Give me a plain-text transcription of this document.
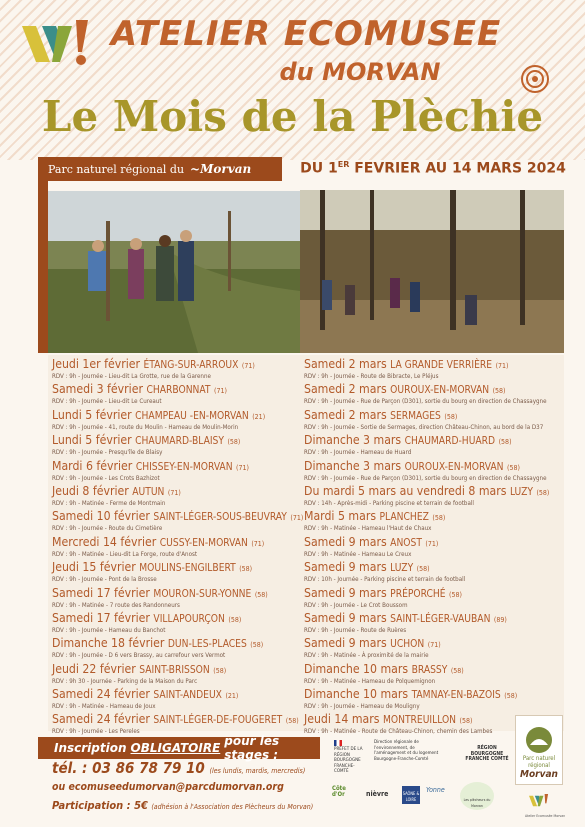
ATELIER ECOMUSEE
du MORVAN
Le Mois de la Plèchie
Parc naturel régional du ~Morvan	DU 1ER FEVRIER AU 14 MARS 2024
Jeudi 1er février ÉTANG-SUR-ARROUX (71)
RDV : 9h - Journée - Lieu-dit La Grotte, rue de la Garenne
Samedi 3 février CHARBONNAT (71)
RDV : 9h - Journée - Lieu-dit Le Cureaut
Lundi 5 février CHAMPEAU -EN-MORVAN (21)
RDV : 9h - Journée - 41, route du Moulin - Hameau de Moulin-Morin
Lundi 5 février CHAUMARD-BLAISY (58)
RDV : 9h - Journée - Presqu'île de Blaisy
Mardi 6 février CHISSEY-EN-MORVAN (71)
RDV : 9h - Journée - Les Crots Bazhizot
Jeudi 8 février AUTUN (71)
RDV : 9h - Matinée - Ferme de Montmain
Samedi 10 février SAINT-LÉGER-SOUS-BEUVRAY (71)
RDV : 9h - Journée - Route du Cimetière
Mercredi 14 février CUSSY-EN-MORVAN (71)
RDV : 9h - Matinée - Lieu-dit La Forge, route d'Anost
Jeudi 15 février MOULINS-ENGILBERT (58)
RDV : 9h - Journée - Pont de la Brosse
Samedi 17 février MOURON-SUR-YONNE (58)
RDV : 9h - Matinée - 7 route des Randonneurs
Samedi 17 février VILLAPOURÇON (58)
RDV : 9h - Journée - Hameau du Banchot
Dimanche 18 février DUN-LES-PLACES (58)
RDV : 9h - Journée - D 6 vers Brassy, au carrefour vers Vermot
Jeudi 22 février SAINT-BRISSON (58)
RDV : 9h 30 - Journée - Parking de la Maison du Parc
Samedi 24 février SAINT-ANDEUX (21)
RDV : 9h - Matinée - Hameau de Joux
Samedi 24 février SAINT-LÉGER-DE-FOUGERET (58)
RDV : 9h - Journée - Les Pereles
Samedi 2 mars LA GRANDE VERRIÈRE (71)
RDV : 9h - Journée - Route de Bibracte, Le Pléjus
Samedi 2 mars OUROUX-EN-MORVAN (58)
RDV : 9h - Journée - Rue de Parçon (D301), sortie du bourg en direction de Chassaygne
Samedi 2 mars SERMAGES (58)
RDV : 9h - Journée - Sortie de Sermages, direction Château-Chinon, au bord de la D37
Dimanche 3 mars CHAUMARD-HUARD (58)
RDV : 9h - Journée - Hameau de Huard
Dimanche 3 mars OUROUX-EN-MORVAN (58)
RDV : 9h - Journée - Rue de Parçon (D301), sortie du bourg en direction de Chassaygne
Du mardi 5 mars au vendredi 8 mars LUZY (58)
RDV : 14h - Après-midi - Parking piscine et terrain de football
Mardi 5 mars PLANCHEZ (58)
RDV : 9h - Matinée - Hameau l'Haut de Chaux
Samedi 9 mars ANOST (71)
RDV : 9h - Matinée - Hameau Le Creux
Samedi 9 mars LUZY (58)
RDV : 10h - Journée - Parking piscine et terrain de football
Samedi 9 mars PRÉPORCHÉ (58)
RDV : 9h - Journée - Le Crot Boussom
Samedi 9 mars SAINT-LÉGER-VAUBAN (89)
RDV : 9h - Journée - Route de Ruères
Samedi 9 mars UCHON (71)
RDV : 9h - Matinée - À proximité de la mairie
Dimanche 10 mars BRASSY (58)
RDV : 9h - Matinée - Hameau de Polquemignon
Dimanche 10 mars TAMNAY-EN-BAZOIS (58)
RDV : 9h - Journée - Hameau de Mouligny
Jeudi 14 mars MONTREUILLON (58)
RDV : 9h - Matinée - Route de Château-Chinon, chemin des Lambes
Inscription OBLIGATOIRE pour les stages :
tél. : 03 86 78 79 10 (les lundis, mardis, mercredis)
ou ecomuseedumorvan@parcdumorvan.org
Participation : 5€ (adhésion à l'Association des Plècheurs du Morvan)
PRÉFET DE LA RÉGION BOURGOGNE FRANCHE-COMTÉ
Direction régionale de l'environnement, de l'aménagement et du logement Bourgogne-Franche-Comté
RÉGION BOURGOGNE FRANCHE COMTÉ
Côte d'Or	nièvre	SAÔNE & LOIRE
Yonne
Les plècheurs du Morvan
Parc naturel régional
Morvan
Atelier Ecomusée Morvan
